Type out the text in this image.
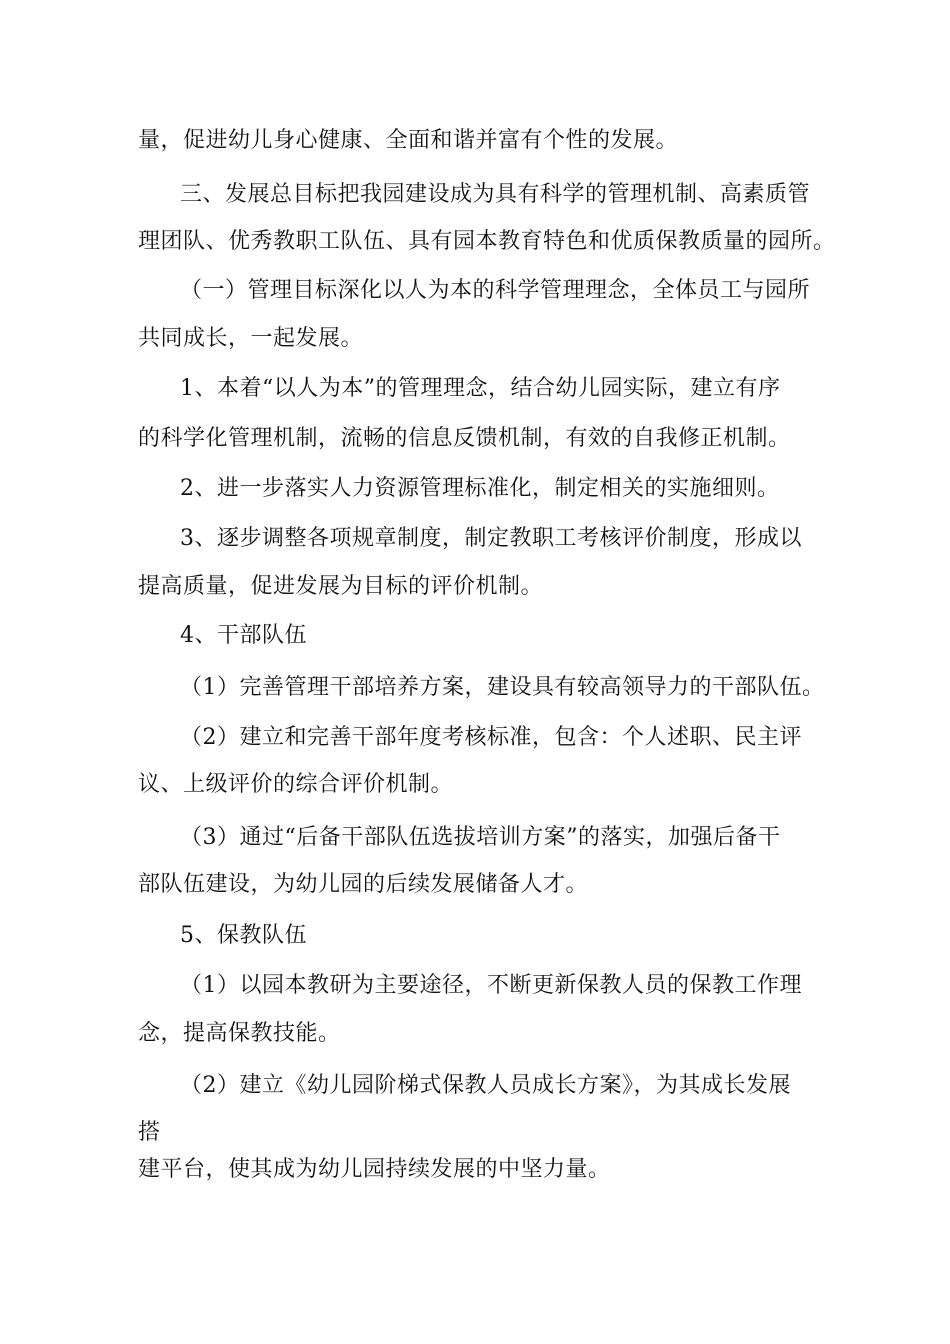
量，促进幼儿身心健康、全面和谐并富有个性的发展。
三、发展总目标把我园建设成为具有科学的管理机制、高素质管
理团队、优秀教职工队伍、具有园本教育特色和优质保教质量的园所。
（一）管理目标深化以人为本的科学管理理念，全体员工与园所
共同成长，一起发展。
1、本着“以人为本”的管理理念，结合幼儿园实际，建立有序
的科学化管理机制，流畅的信息反馈机制，有效的自我修正机制。
2、进一步落实人力资源管理标准化，制定相关的实施细则。
3、逐步调整各项规章制度，制定教职工考核评价制度，形成以
提高质量，促进发展为目标的评价机制。
4、干部队伍
（1）完善管理干部培养方案，建设具有较高领导力的干部队伍。
（2）建立和完善干部年度考核标准，包含：个人述职、民主评
议、上级评价的综合评价机制。
（3）通过“后备干部队伍选拔培训方案”的落实，加强后备干
部队伍建设，为幼儿园的后续发展储备人才。
5、保教队伍
（1）以园本教研为主要途径，不断更新保教人员的保教工作理
念，提高保教技能。
（2）建立《幼儿园阶梯式保教人员成长方案》，为其成长发展
搭
建平台，使其成为幼儿园持续发展的中坚力量。
